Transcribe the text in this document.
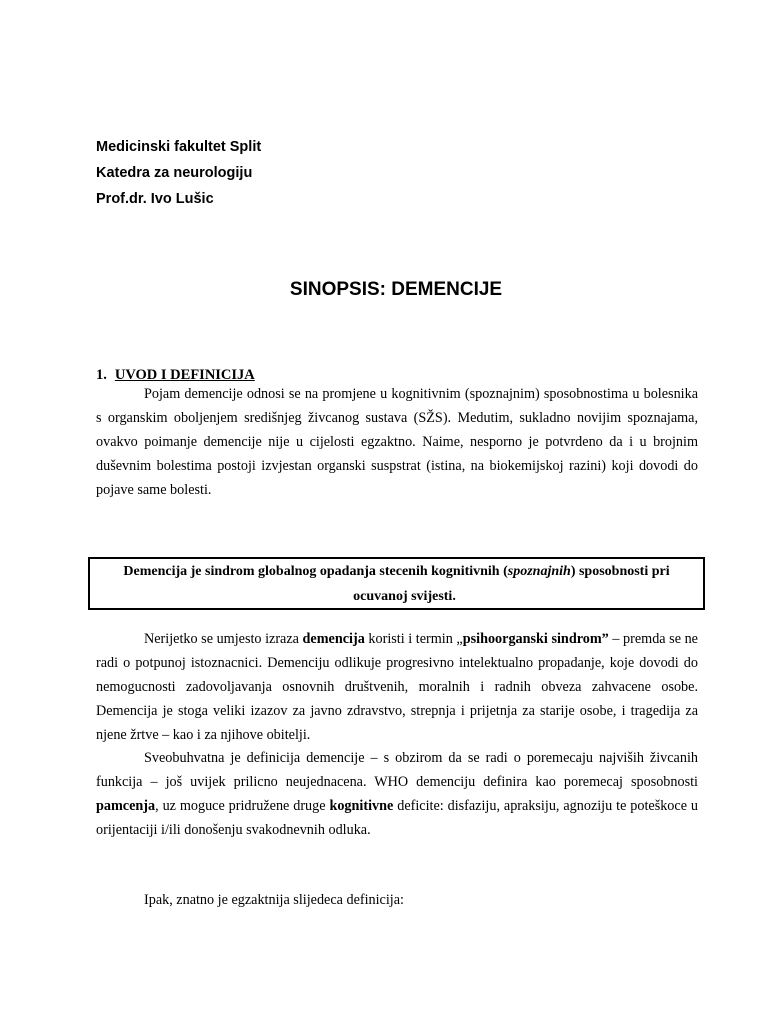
Medicinski fakultet Split
Katedra za neurologiju
Prof.dr. Ivo Lušic
SINOPSIS: DEMENCIJE
1. UVOD I DEFINICIJA

Pojam demencije odnosi se na promjene u kognitivnim (spoznajnim) sposobnostima u bolesnika s organskim oboljenjem središnjeg živcanog sustava (SŽS). Medutim, sukladno novijim spoznajama, ovakvo poimanje demencije nije u cijelosti egzaktno. Naime, nesporno je potvrdeno da i u brojnim duševnim bolestima postoji izvjestan organski suspstrat (istina, na biokemijskoj razini) koji dovodi do pojave same bolesti.

Demencija je sindrom globalnog opadanja stecenih kognitivnih (spoznajnih) sposobnosti pri
ocuvanoj svijesti.

Nerijetko se umjesto izraza demencija koristi i termin „psihoorganski sindrom” – premda se ne radi o potpunoj istoznacnici. Demenciju odlikuje progresivno intelektualno propadanje, koje dovodi do nemogucnosti zadovoljavanja osnovnih društvenih, moralnih i radnih obveza zahvacene osobe. Demencija je stoga veliki izazov za javno zdravstvo, strepnja i prijetnja za starije osobe, i tragedija za njene žrtve – kao i za njihove obitelji.

Sveobuhvatna je definicija demencije – s obzirom da se radi o poremecaju najviših živcanih funkcija – još uvijek prilicno neujednacena. WHO demenciju definira kao poremecaj sposobnosti pamcenja, uz moguce pridružene druge kognitivne deficite: disfaziju, apraksiju, agnoziju te poteškoce u orijentaciji i/ili donošenju svakodnevnih odluka.

Ipak, znatno je egzaktnija slijedeca definicija:
